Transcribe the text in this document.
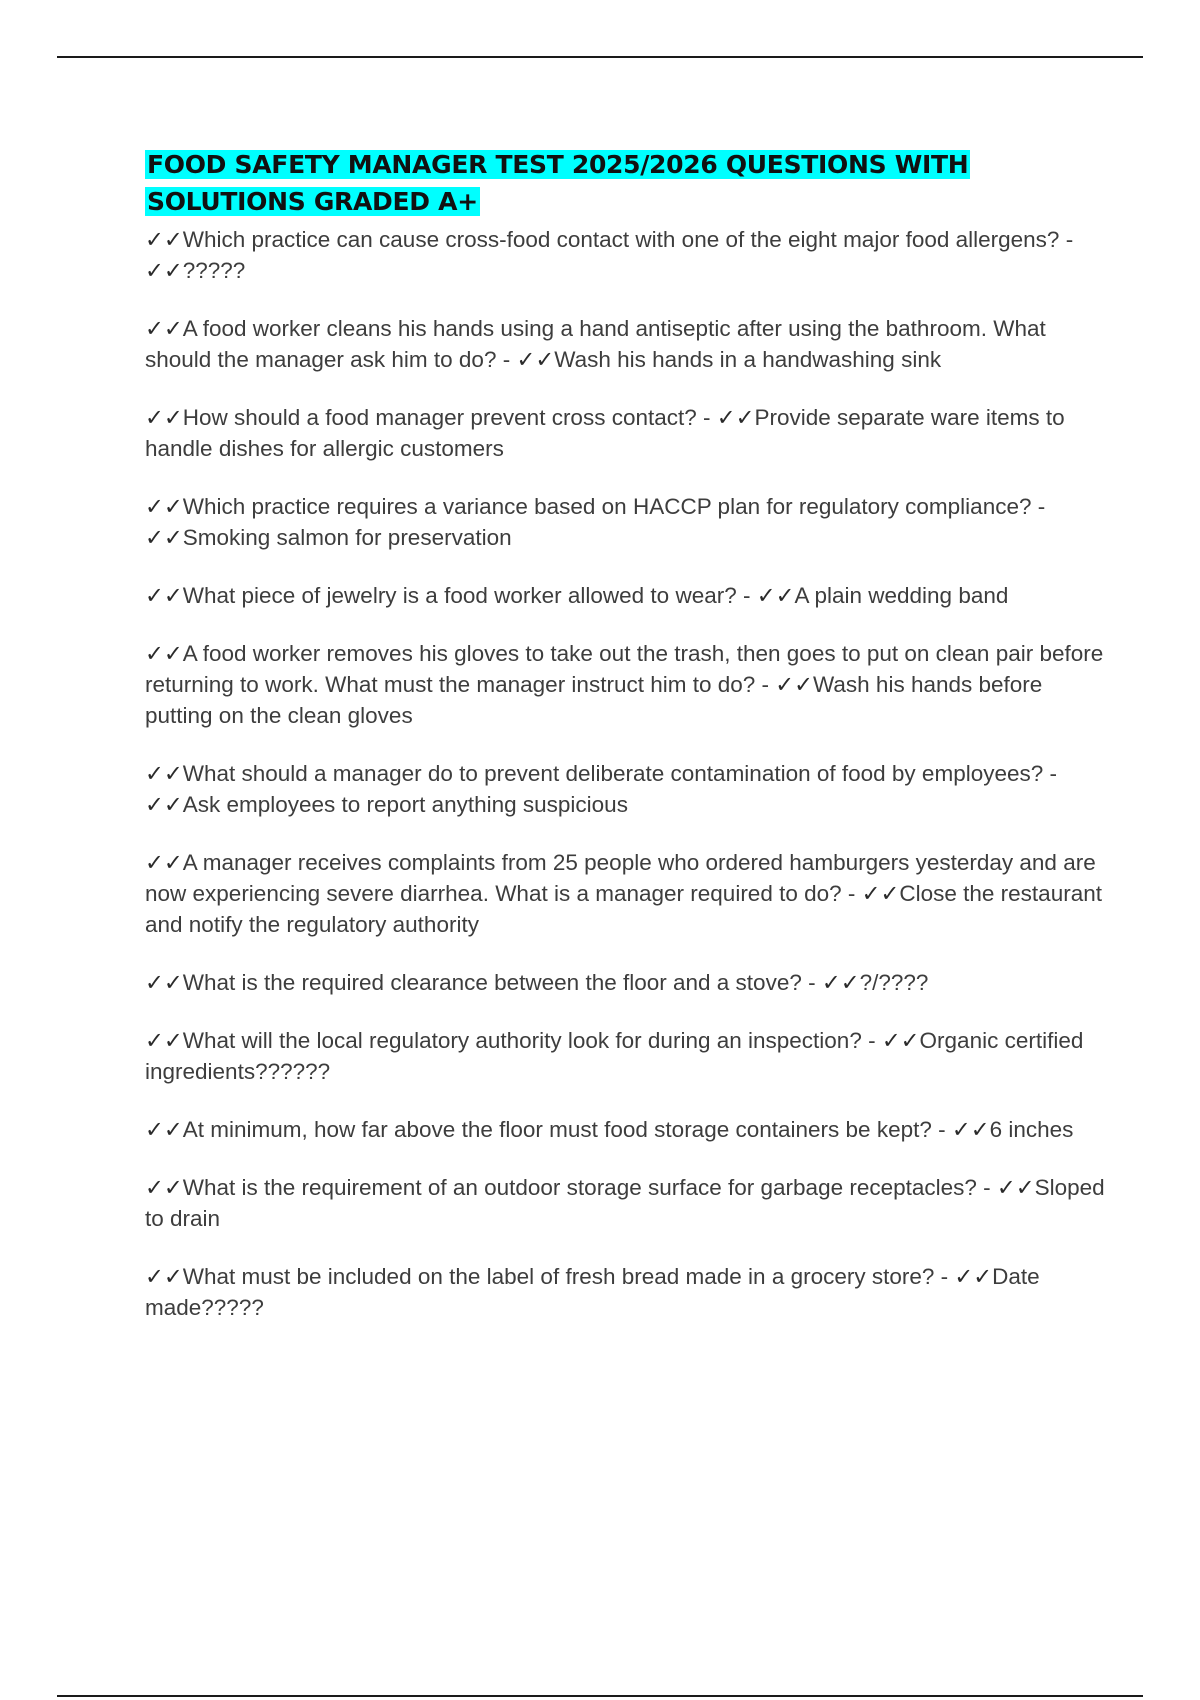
FOOD SAFETY MANAGER TEST 2025/2026 QUESTIONS WITH SOLUTIONS GRADED A+

✓✓Which practice can cause cross-food contact with one of the eight major food allergens? - ✓✓?????

✓✓A food worker cleans his hands using a hand antiseptic after using the bathroom. What should the manager ask him to do? - ✓✓Wash his hands in a handwashing sink

✓✓How should a food manager prevent cross contact? - ✓✓Provide separate ware items to handle dishes for allergic customers

✓✓Which practice requires a variance based on HACCP plan for regulatory compliance? - ✓✓Smoking salmon for preservation

✓✓What piece of jewelry is a food worker allowed to wear? - ✓✓A plain wedding band

✓✓A food worker removes his gloves to take out the trash, then goes to put on clean pair before returning to work. What must the manager instruct him to do? - ✓✓Wash his hands before putting on the clean gloves

✓✓What should a manager do to prevent deliberate contamination of food by employees? - ✓✓Ask employees to report anything suspicious

✓✓A manager receives complaints from 25 people who ordered hamburgers yesterday and are now experiencing severe diarrhea. What is a manager required to do? - ✓✓Close the restaurant and notify the regulatory authority

✓✓What is the required clearance between the floor and a stove? - ✓✓?/????

✓✓What will the local regulatory authority look for during an inspection? - ✓✓Organic certified ingredients??????

✓✓At minimum, how far above the floor must food storage containers be kept? - ✓✓6 inches

✓✓What is the requirement of an outdoor storage surface for garbage receptacles? - ✓✓Sloped to drain

✓✓What must be included on the label of fresh bread made in a grocery store? - ✓✓Date made?????
